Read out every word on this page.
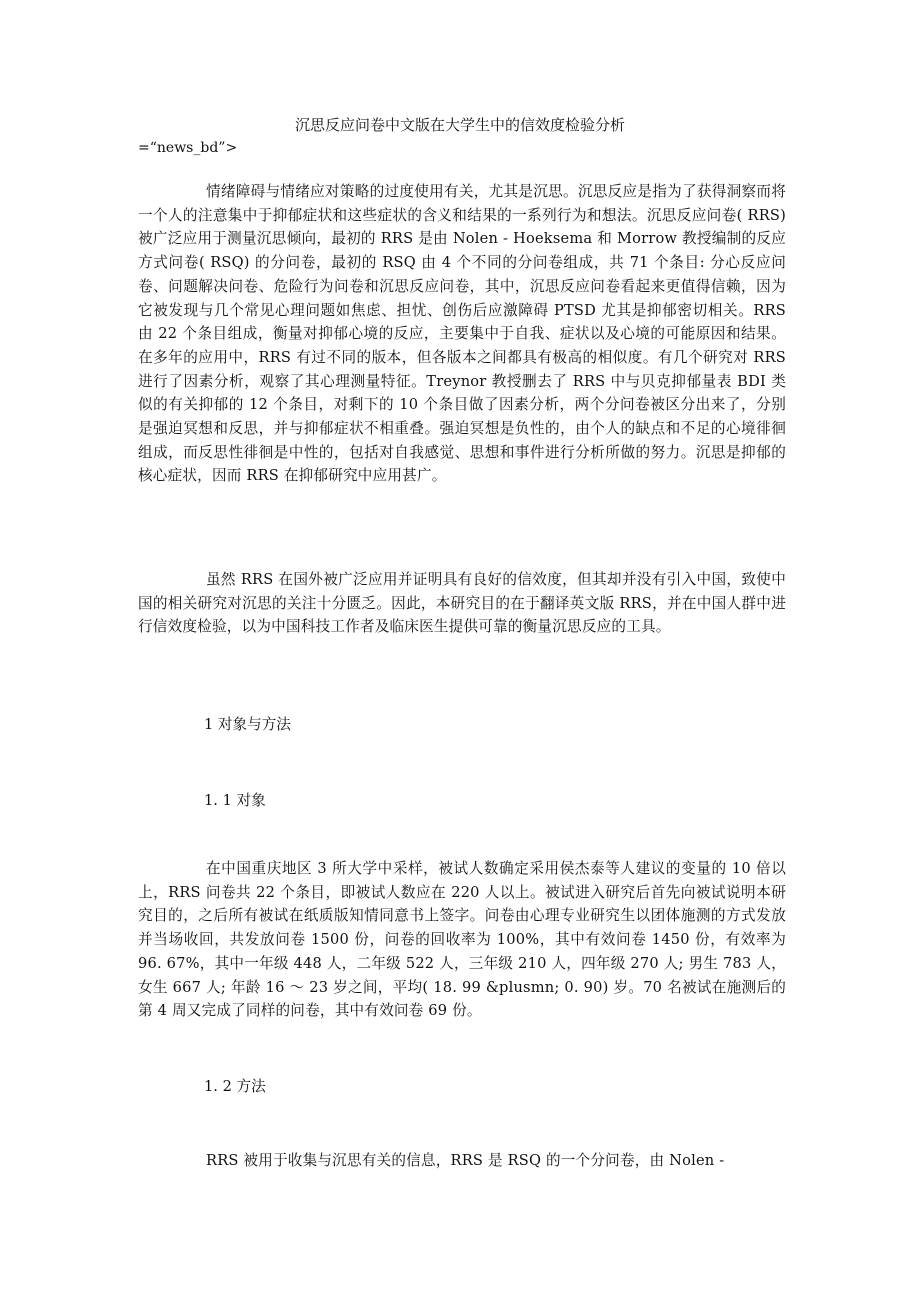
沉思反应问卷中文版在大学生中的信效度检验分析
=“news_bd”>

情绪障碍与情绪应对策略的过度使用有关，尤其是沉思。沉思反应是指为了获得洞察而将一个人的注意集中于抑郁症状和这些症状的含义和结果的一系列行为和想法。沉思反应问卷( RRS)被广泛应用于测量沉思倾向，最初的 RRS 是由 Nolen - Hoeksema 和 Morrow 教授编制的反应方式问卷( RSQ) 的分问卷，最初的 RSQ 由 4 个不同的分问卷组成，共 71 个条目: 分心反应问卷、问题解决问卷、危险行为问卷和沉思反应问卷，其中，沉思反应问卷看起来更值得信赖，因为它被发现与几个常见心理问题如焦虑、担忧、创伤后应激障碍 PTSD 尤其是抑郁密切相关。RRS 由 22 个条目组成，衡量对抑郁心境的反应，主要集中于自我、症状以及心境的可能原因和结果。在多年的应用中，RRS 有过不同的版本，但各版本之间都具有极高的相似度。有几个研究对 RRS 进行了因素分析，观察了其心理测量特征。Treynor 教授删去了 RRS 中与贝克抑郁量表 BDI 类似的有关抑郁的 12 个条目，对剩下的 10 个条目做了因素分析，两个分问卷被区分出来了，分别是强迫冥想和反思，并与抑郁症状不相重叠。强迫冥想是负性的，由个人的缺点和不足的心境徘徊组成，而反思性徘徊是中性的，包括对自我感觉、思想和事件进行分析所做的努力。沉思是抑郁的核心症状，因而 RRS 在抑郁研究中应用甚广。

虽然 RRS 在国外被广泛应用并证明具有良好的信效度，但其却并没有引入中国，致使中国的相关研究对沉思的关注十分匮乏。因此，本研究目的在于翻译英文版 RRS，并在中国人群中进行信效度检验，以为中国科技工作者及临床医生提供可靠的衡量沉思反应的工具。

1 对象与方法

1. 1 对象

在中国重庆地区 3 所大学中采样，被试人数确定采用侯杰泰等人建议的变量的 10 倍以上，RRS 问卷共 22 个条目，即被试人数应在 220 人以上。被试进入研究后首先向被试说明本研究目的，之后所有被试在纸质版知情同意书上签字。问卷由心理专业研究生以团体施测的方式发放并当场收回，共发放问卷 1500 份，问卷的回收率为 100%，其中有效问卷 1450 份，有效率为 96. 67%，其中一年级 448 人，二年级 522 人，三年级 210 人，四年级 270 人; 男生 783 人，女生 667 人; 年龄 16 ～ 23 岁之间，平均( 18. 99 &plusmn; 0. 90) 岁。70 名被试在施测后的第 4 周又完成了同样的问卷，其中有效问卷 69 份。

1. 2 方法

RRS 被用于收集与沉思有关的信息，RRS 是 RSQ 的一个分问卷，由 Nolen -
